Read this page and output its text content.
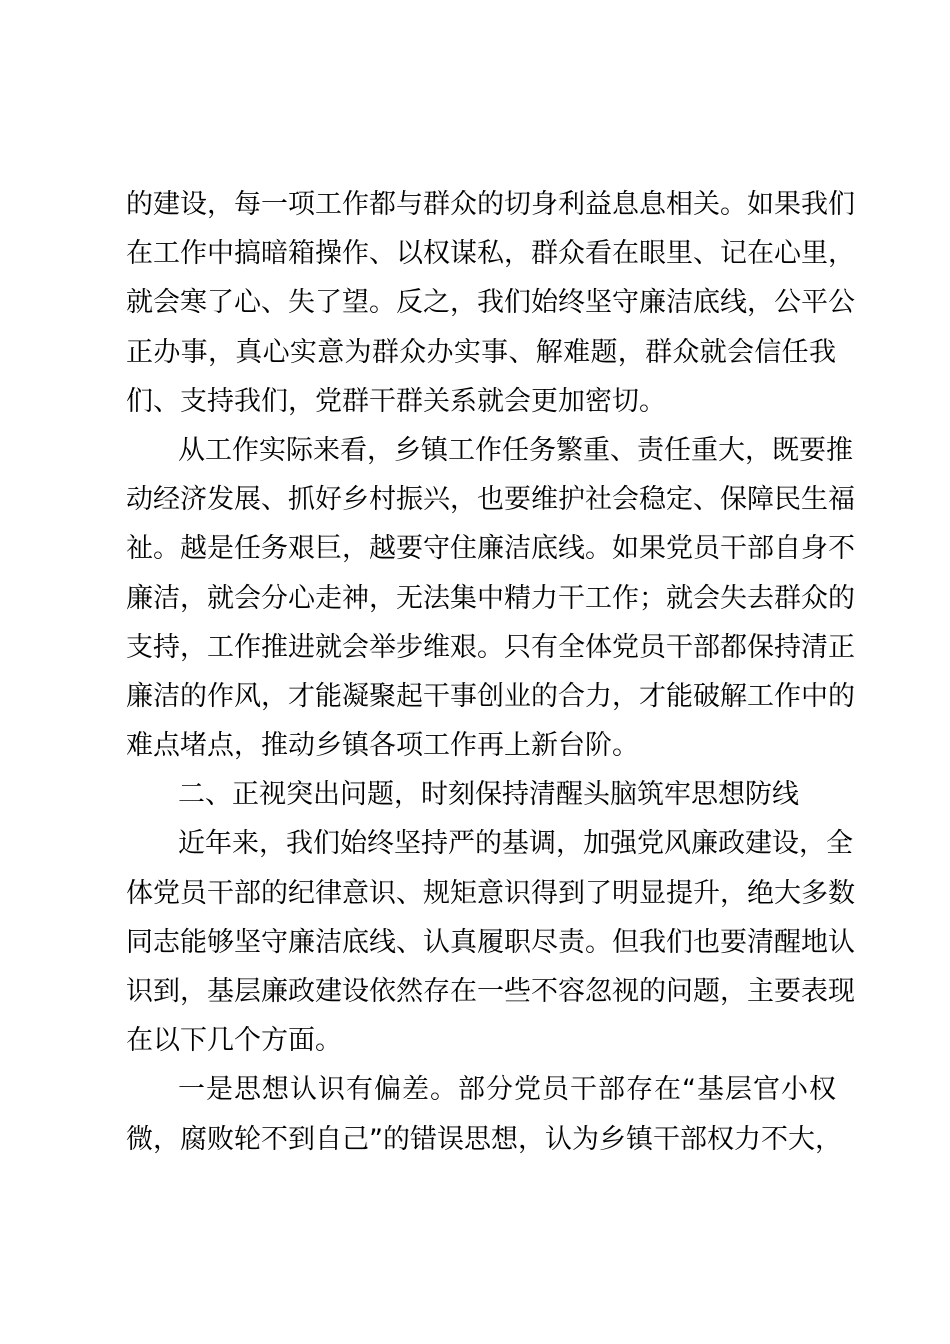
的建设，每一项工作都与群众的切身利益息息相关。如果我们
在工作中搞暗箱操作、以权谋私，群众看在眼里、记在心里，
就会寒了心、失了望。反之，我们始终坚守廉洁底线，公平公
正办事，真心实意为群众办实事、解难题，群众就会信任我
们、支持我们，党群干群关系就会更加密切。
从工作实际来看，乡镇工作任务繁重、责任重大，既要推
动经济发展、抓好乡村振兴，也要维护社会稳定、保障民生福
祉。越是任务艰巨，越要守住廉洁底线。如果党员干部自身不
廉洁，就会分心走神，无法集中精力干工作；就会失去群众的
支持，工作推进就会举步维艰。只有全体党员干部都保持清正
廉洁的作风，才能凝聚起干事创业的合力，才能破解工作中的
难点堵点，推动乡镇各项工作再上新台阶。
二、正视突出问题，时刻保持清醒头脑筑牢思想防线
近年来，我们始终坚持严的基调，加强党风廉政建设，全
体党员干部的纪律意识、规矩意识得到了明显提升，绝大多数
同志能够坚守廉洁底线、认真履职尽责。但我们也要清醒地认
识到，基层廉政建设依然存在一些不容忽视的问题，主要表现
在以下几个方面。
一是思想认识有偏差。部分党员干部存在“基层官小权
微，腐败轮不到自己”的错误思想，认为乡镇干部权力不大，
